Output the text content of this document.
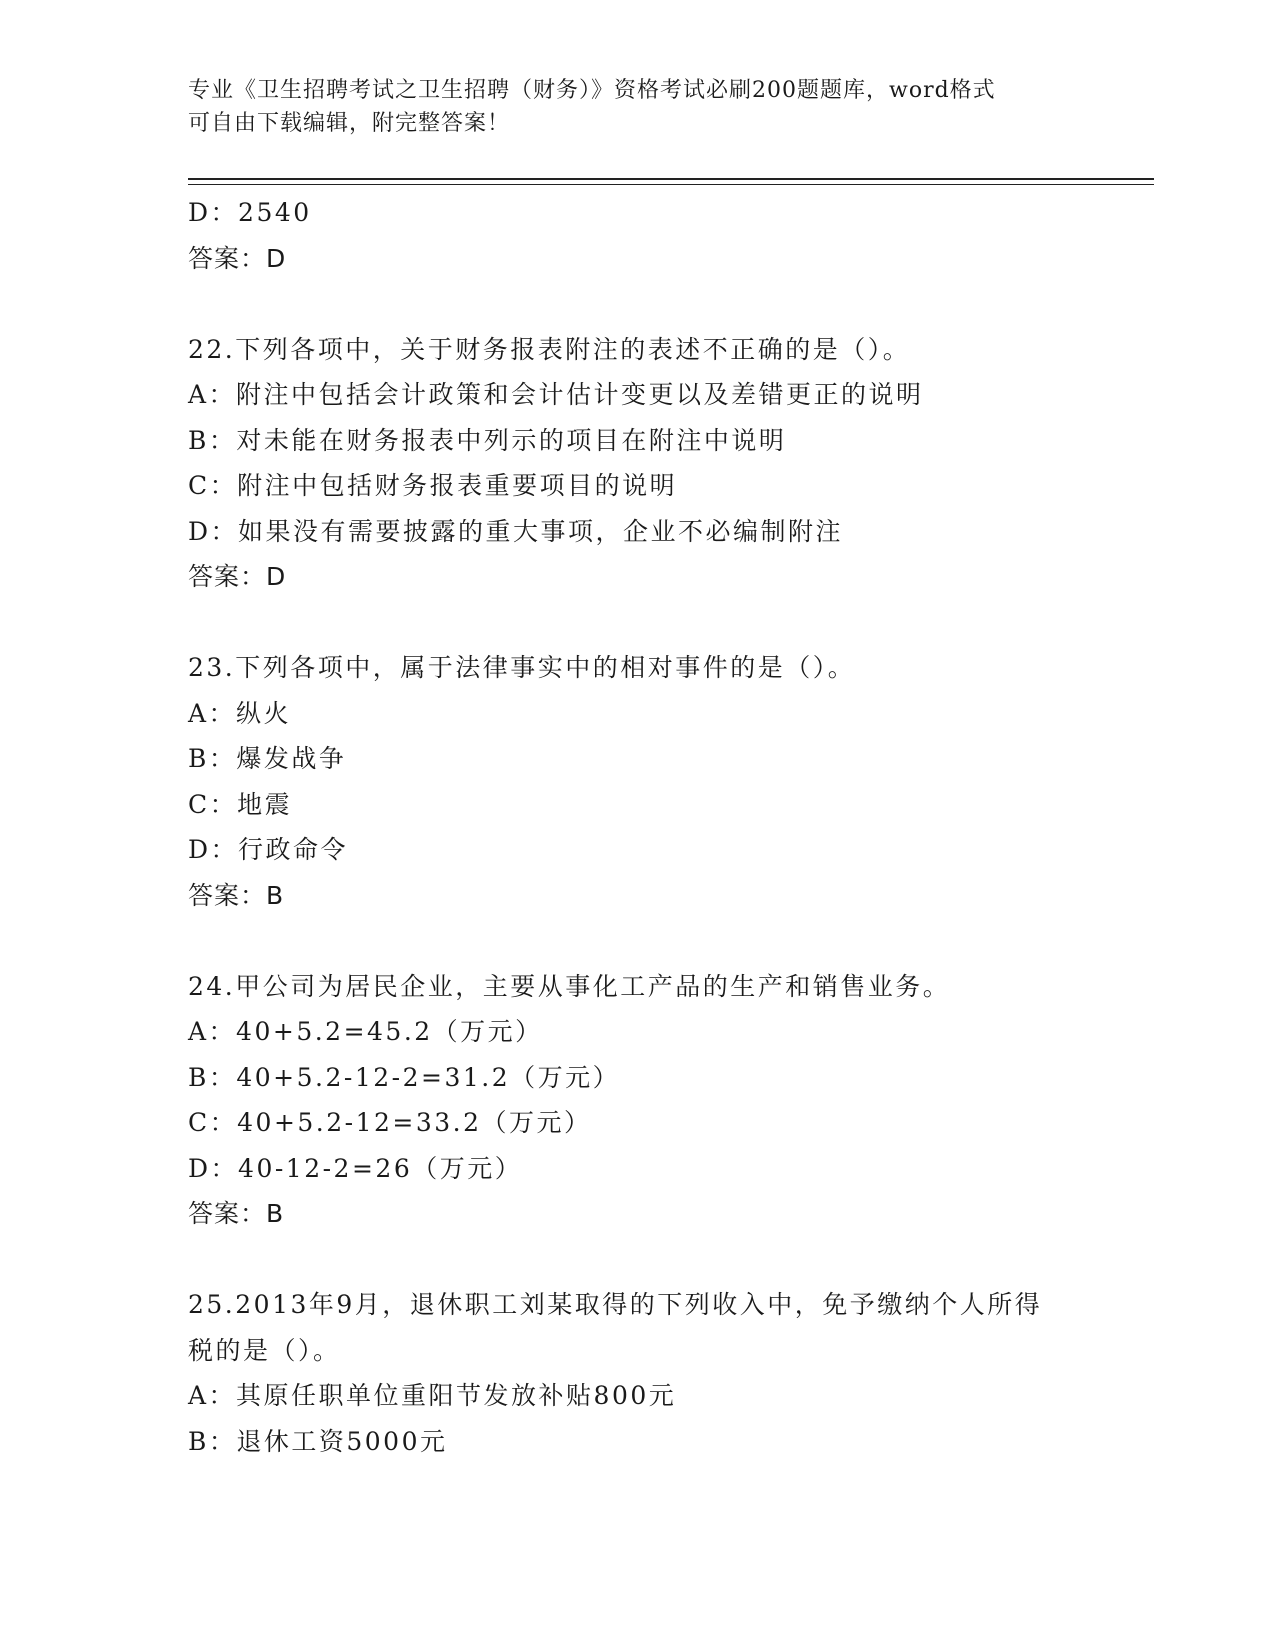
专业《卫生招聘考试之卫生招聘（财务）》资格考试必刷200题题库，word格式
可自由下载编辑，附完整答案！
D：2540
答案：D
22.下列各项中，关于财务报表附注的表述不正确的是（）。
A：附注中包括会计政策和会计估计变更以及差错更正的说明
B：对未能在财务报表中列示的项目在附注中说明
C：附注中包括财务报表重要项目的说明
D：如果没有需要披露的重大事项，企业不必编制附注
答案：D
23.下列各项中，属于法律事实中的相对事件的是（）。
A：纵火
B：爆发战争
C：地震
D：行政命令
答案：B
24.甲公司为居民企业，主要从事化工产品的生产和销售业务。
A：40+5.2=45.2（万元）
B：40+5.2-12-2=31.2（万元）
C：40+5.2-12=33.2（万元）
D：40-12-2=26（万元）
答案：B
25.2013年9月，退休职工刘某取得的下列收入中，免予缴纳个人所得
税的是（）。
A：其原任职单位重阳节发放补贴800元
B：退休工资5000元
